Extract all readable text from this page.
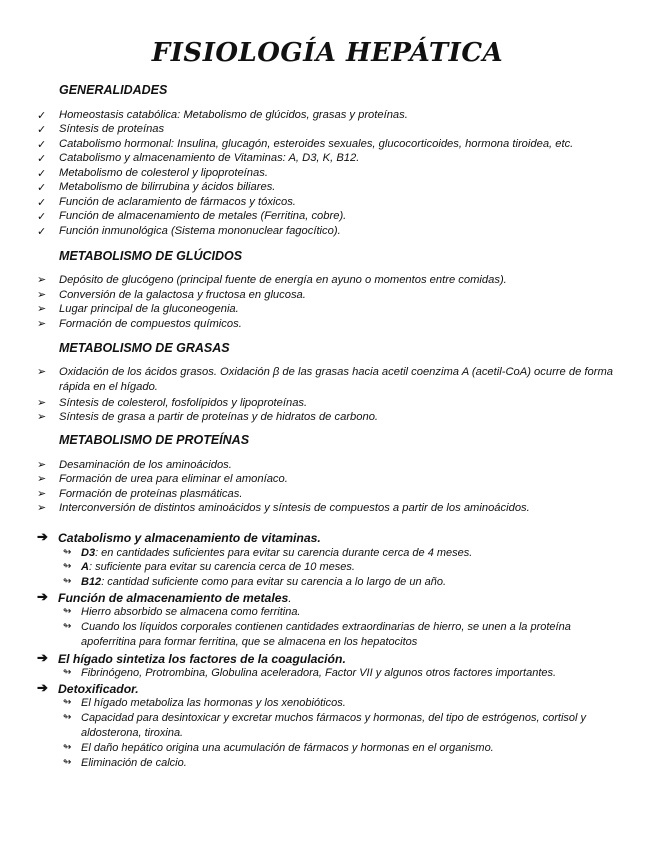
FISIOLOGÍA HEPÁTICA
GENERALIDADES
✓ Homeostasis catabólica: Metabolismo de glúcidos, grasas y proteínas.
✓ Síntesis de proteínas
✓ Catabolismo hormonal: Insulina, glucagón, esteroides sexuales, glucocorticoides, hormona tiroidea, etc.
✓ Catabolismo y almacenamiento de Vitaminas: A, D3, K, B12.
✓ Metabolismo de colesterol y lipoproteínas.
✓ Metabolismo de bilirrubina y ácidos biliares.
✓ Función de aclaramiento de fármacos y tóxicos.
✓ Función de almacenamiento de metales (Ferritina, cobre).
✓ Función inmunológica (Sistema mononuclear fagocítico).
METABOLISMO DE GLÚCIDOS
➢ Depósito de glucógeno (principal fuente de energía en ayuno o momentos entre comidas).
➢ Conversión de la galactosa y fructosa en glucosa.
➢ Lugar principal de la gluconeogenia.
➢ Formación de compuestos químicos.
METABOLISMO DE GRASAS
➢ Oxidación de los ácidos grasos. Oxidación β de las grasas hacia acetil coenzima A (acetil-CoA) ocurre de forma rápida en el hígado.
➢ Síntesis de colesterol, fosfolípidos y lipoproteínas.
➢ Síntesis de grasa a partir de proteínas y de hidratos de carbono.
METABOLISMO DE PROTEÍNAS
➢ Desaminación de los aminoácidos.
➢ Formación de urea para eliminar el amoníaco.
➢ Formación de proteínas plasmáticas.
➢ Interconversión de distintos aminoácidos y síntesis de compuestos a partir de los aminoácidos.
➔ Catabolismo y almacenamiento de vitaminas.
↬ D3: en cantidades suficientes para evitar su carencia durante cerca de 4 meses.
↬ A: suficiente para evitar su carencia cerca de 10 meses.
↬ B12: cantidad suficiente como para evitar su carencia a lo largo de un año.
➔ Función de almacenamiento de metales.
↬ Hierro absorbido se almacena como ferritina.
↬ Cuando los líquidos corporales contienen cantidades extraordinarias de hierro, se unen a la proteína apoferritina para formar ferritina, que se almacena en los hepatocitos
➔ El hígado sintetiza los factores de la coagulación.
↬ Fibrinógeno, Protrombina, Globulina aceleradora, Factor VII y algunos otros factores importantes.
➔ Detoxificador.
↬ El hígado metaboliza las hormonas y los xenobióticos.
↬ Capacidad para desintoxicar y excretar muchos fármacos y hormonas, del tipo de estrógenos, cortisol y aldosterona, tiroxina.
↬ El daño hepático origina una acumulación de fármacos y hormonas en el organismo.
↬ Eliminación de calcio.
